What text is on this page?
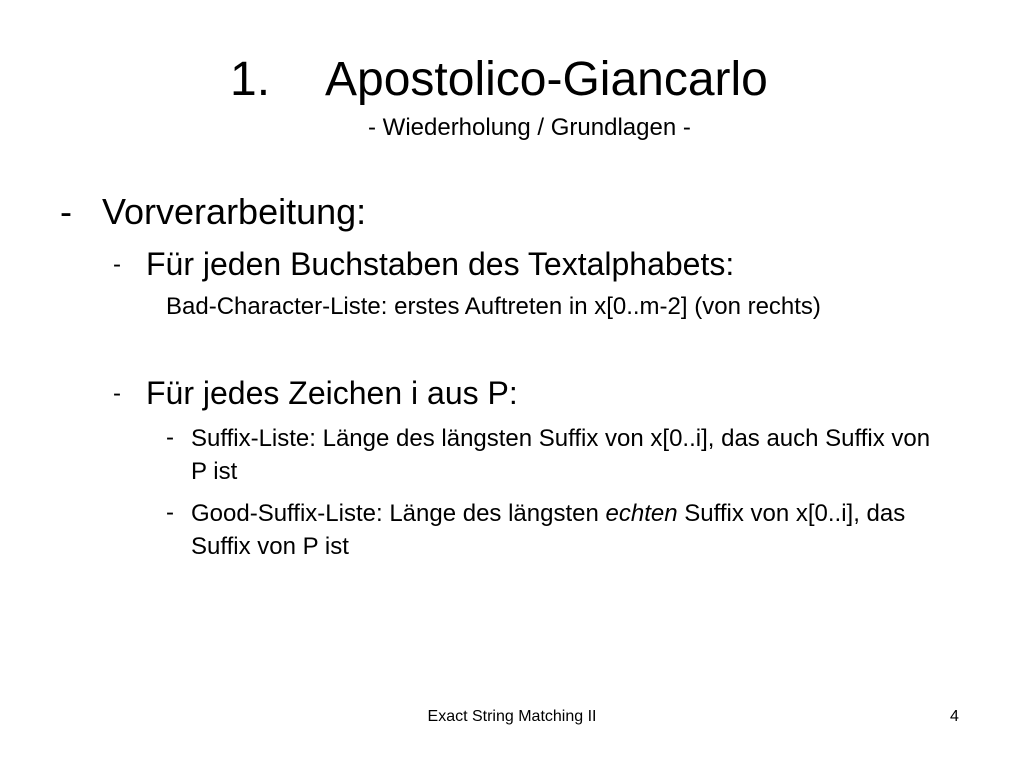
1. Apostolico-Giancarlo
- Wiederholung / Grundlagen -
- Vorverarbeitung:
- Für jeden Buchstaben des Textalphabets:
Bad-Character-Liste: erstes Auftreten in x[0..m-2] (von rechts)
- Für jedes Zeichen i aus P:
- Suffix-Liste: Länge des längsten Suffix von x[0..i], das auch Suffix von P ist
- Good-Suffix-Liste: Länge des längsten echten Suffix von x[0..i], das Suffix von P ist
Exact String Matching II	4
